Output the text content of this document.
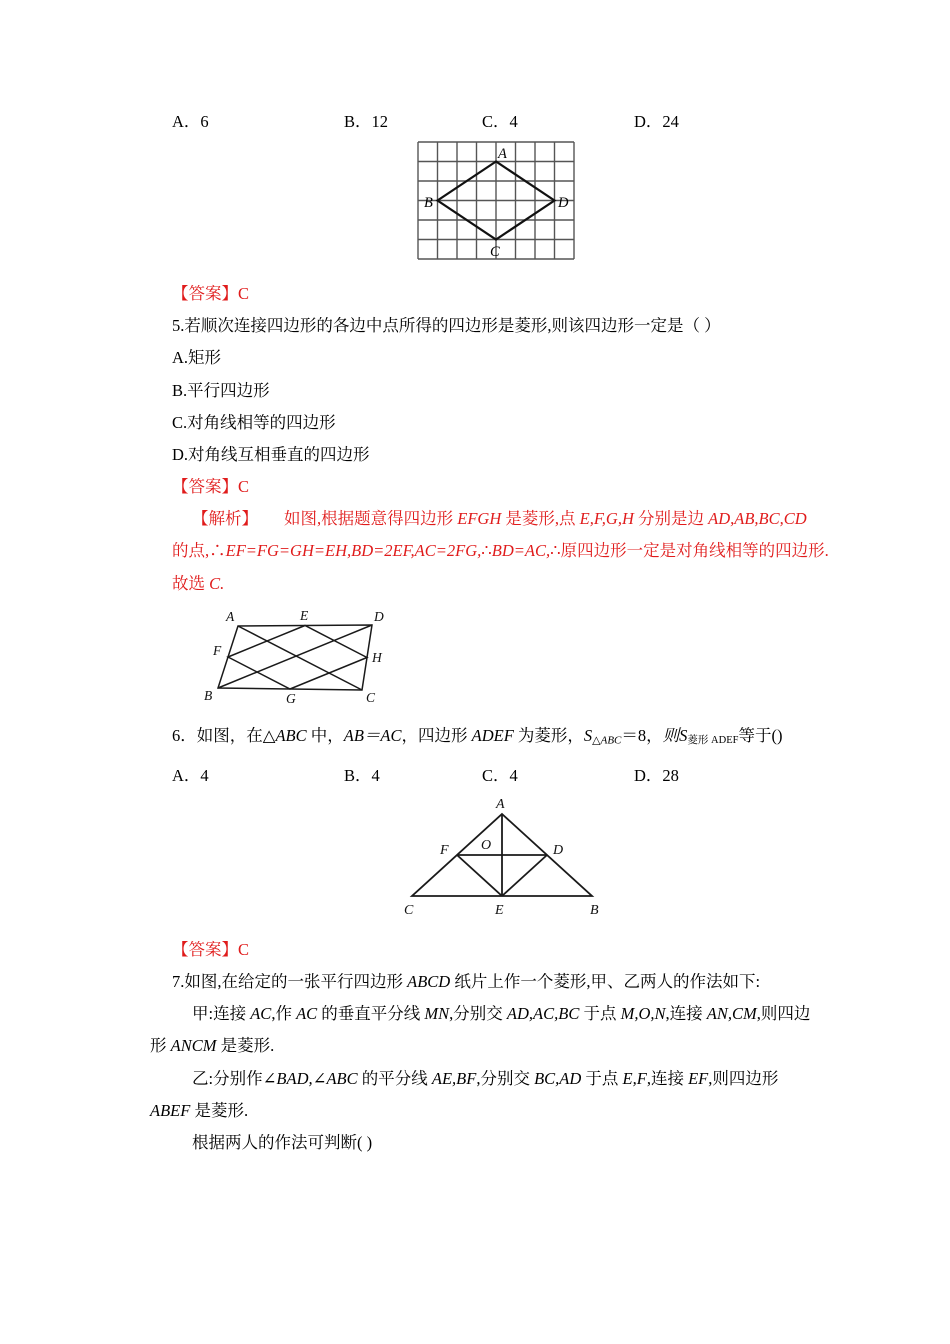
A．6	B．12	C．4	D．24
A
B
C
D
【答案】C
5.若顺次连接四边形的各边中点所得的四边形是菱形,则该四边形一定是（ ）
A.矩形
B.平行四边形
C.对角线相等的四边形
D.对角线互相垂直的四边形
【答案】C
【解析】 如图,根据题意得四边形 EFGH 是菱形,点 E,F,G,H 分别是边 AD,AB,BC,CD
的点,∴EF=FG=GH=EH,BD=2EF,AC=2FG,∴BD=AC,∴原四边形一定是对角线相等的四边形.
故选 C.
A	E	D
F	H
B	G	C
6．如图，在△ABC 中，AB＝AC，四边形 ADEF 为菱形，$S_{\triangle ABC}=8$，则S菱形 ADEF等于()
A．4	B．4	C．4	D．28
A
F O	D
C	E	B
【答案】C
7.如图,在给定的一张平行四边形 ABCD 纸片上作一个菱形,甲、乙两人的作法如下:
甲:连接 AC,作 AC 的垂直平分线 MN,分别交 AD,AC,BC 于点 M,O,N,连接 AN,CM,则四边
形 ANCM 是菱形.
乙:分别作∠BAD,∠ABC 的平分线 AE,BF,分别交 BC,AD 于点 E,F,连接 EF,则四边形
ABEF 是菱形.
根据两人的作法可判断( )
